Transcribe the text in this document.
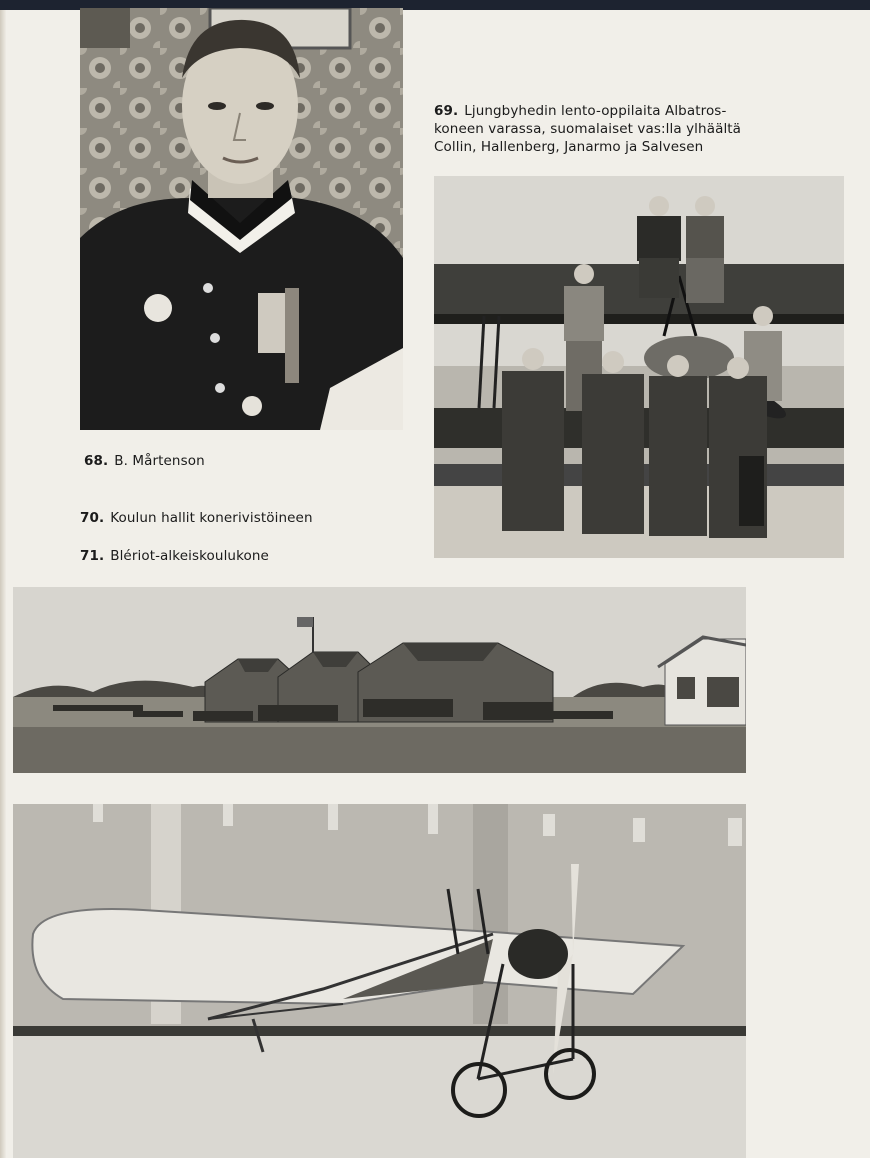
69. Ljungbyhedin lento-oppilaita Albatros-
koneen varassa, suomalaiset vas:lla ylhäältä
Collin, Hallenberg, Janarmo ja Salvesen
68. B. Mårtenson
70. Koulun hallit konerivistöineen
71. Blériot-alkeiskoulukone
